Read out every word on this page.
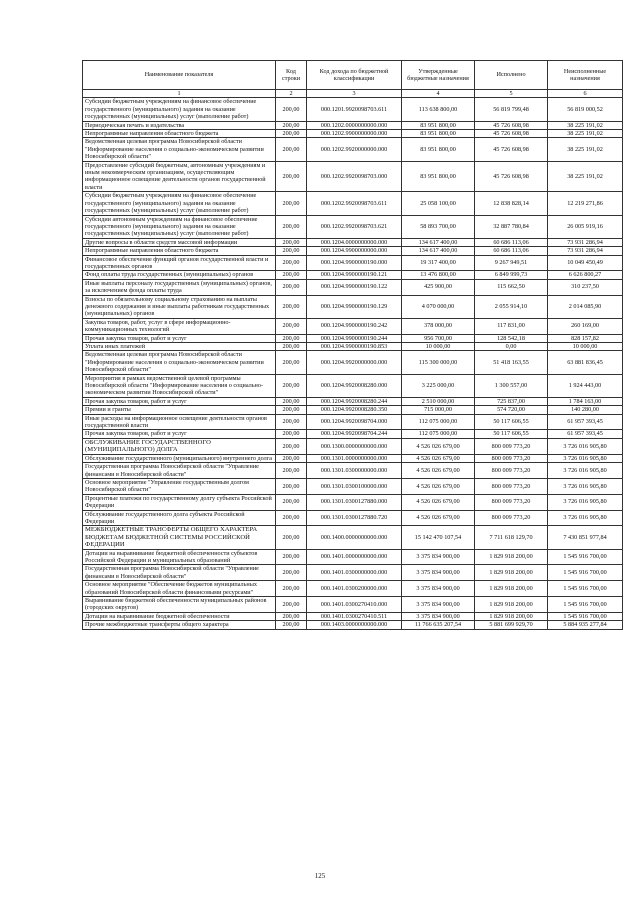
Наименование показателя	Код строки	Код дохода по бюджетной классификации	Утвержденные бюджетные назначения	Исполнено	Неисполненные назначения
1	2	3	4	5	6
Субсидии бюджетным учреждениям на финансовое обеспечение государственного (муниципального) задания на оказание государственных (муниципальных) услуг (выполнение работ)	200,00	000.1201.9920098703.611	113 638 800,00	56 819 799,48	56 819 000,52
Периодическая печать и издательства	200,00	000.1202.0000000000.000	83 951 800,00	45 726 608,98	38 225 191,02
Непрограммные направления областного бюджета	200,00	000.1202.9900000000.000	83 951 800,00	45 726 608,98	38 225 191,02
Ведомственная целевая программа Новосибирской области "Информирование населения о социально-экономическом развитии Новосибирской области"	200,00	000.1202.9920000000.000	83 951 800,00	45 726 608,98	38 225 191,02
Предоставление субсидий бюджетным, автономным учреждениям и иным некоммерческим организациям, осуществляющим информационное освещение деятельности органов государственной власти	200,00	000.1202.9920098703.000	83 951 800,00	45 726 608,98	38 225 191,02
Субсидии бюджетным учреждениям на финансовое обеспечение государственного (муниципального) задания на оказание государственных (муниципальных) услуг (выполнение работ)	200,00	000.1202.9920098703.611	25 058 100,00	12 838 828,14	12 219 271,86
Субсидии автономным учреждениям на финансовое обеспечение государственного (муниципального) задания на оказание государственных (муниципальных) услуг (выполнение работ)	200,00	000.1202.9920098703.621	58 893 700,00	32 887 780,84	26 005 919,16
Другие вопросы в области средств массовой информации	200,00	000.1204.0000000000.000	134 617 400,00	60 686 113,06	73 931 286,94
Непрограммные направления областного бюджета	200,00	000.1204.9900000000.000	134 617 400,00	60 686 113,06	73 931 286,94
Финансовое обеспечение функций органов государственной власти и государственных органов	200,00	000.1204.9900000190.000	19 317 400,00	9 267 949,51	10 049 450,49
Фонд оплаты труда государственных (муниципальных) органов	200,00	000.1204.9900000190.121	13 476 800,00	6 849 999,73	6 626 800,27
Иные выплаты персоналу государственных (муниципальных) органов, за исключением фонда оплаты труда	200,00	000.1204.9900000190.122	425 900,00	115 662,50	310 237,50
Взносы по обязательному социальному страхованию на выплаты денежного содержания и иные выплаты работникам государственных (муниципальных) органов	200,00	000.1204.9900000190.129	4 070 000,00	2 055 914,10	2 014 085,90
Закупка товаров, работ, услуг в сфере информационно-коммуникационных технологий	200,00	000.1204.9900000190.242	378 000,00	117 831,00	260 169,00
Прочая закупка товаров, работ и услуг	200,00	000.1204.9900000190.244	956 700,00	128 542,18	828 157,82
Уплата иных платежей	200,00	000.1204.9900000190.853	10 000,00	0,00	10 000,00
Ведомственная целевая программа Новосибирской области "Информирование населения о социально-экономическом развитии Новосибирской области"	200,00	000.1204.9920000000.000	115 300 000,00	51 418 163,55	63 881 836,45
Мероприятия в рамках ведомственной целевой программы Новосибирской области "Информирование населения о социально-экономическом развитии Новосибирской области"	200,00	000.1204.9920008280.000	3 225 000,00	1 300 557,00	1 924 443,00
Прочая закупка товаров, работ и услуг	200,00	000.1204.9920008280.244	2 510 000,00	725 837,00	1 784 163,00
Премии и гранты	200,00	000.1204.9920008280.350	715 000,00	574 720,00	140 280,00
Иные расходы на информационное освещение деятельности органов государственной власти	200,00	000.1204.9920098704.000	112 075 000,00	50 117 606,55	61 957 393,45
Прочая закупка товаров, работ и услуг	200,00	000.1204.9920098704.244	112 075 000,00	50 117 606,55	61 957 393,45
ОБСЛУЖИВАНИЕ ГОСУДАРСТВЕННОГО (МУНИЦИПАЛЬНОГО) ДОЛГА	200,00	000.1300.0000000000.000	4 526 026 679,00	800 009 773,20	3 726 016 905,80
Обслуживание государственного (муниципального) внутреннего долга	200,00	000.1301.0000000000.000	4 526 026 679,00	800 009 773,20	3 726 016 905,80
Государственная программа Новосибирской области "Управление финансами в Новосибирской области"	200,00	000.1301.0300000000.000	4 526 026 679,00	800 009 773,20	3 726 016 905,80
Основное мероприятие "Управление государственным долгом Новосибирской области"	200,00	000.1301.0300100000.000	4 526 026 679,00	800 009 773,20	3 726 016 905,80
Процентные платежи по государственному долгу субъекта Российской Федерации	200,00	000.1301.0300127880.000	4 526 026 679,00	800 009 773,20	3 726 016 905,80
Обслуживание государственного долга субъекта Российской Федерации	200,00	000.1301.0300127880.720	4 526 026 679,00	800 009 773,20	3 726 016 905,80
МЕЖБЮДЖЕТНЫЕ ТРАНСФЕРТЫ ОБЩЕГО ХАРАКТЕРА БЮДЖЕТАМ БЮДЖЕТНОЙ СИСТЕМЫ РОССИЙСКОЙ ФЕДЕРАЦИИ	200,00	000.1400.0000000000.000	15 142 470 107,54	7 711 618 129,70	7 430 851 977,84
Дотации на выравнивание бюджетной обеспеченности субъектов Российской Федерации и муниципальных образований	200,00	000.1401.0000000000.000	3 375 834 900,00	1 829 918 200,00	1 545 916 700,00
Государственная программа Новосибирской области "Управление финансами в Новосибирской области"	200,00	000.1401.0300000000.000	3 375 834 900,00	1 829 918 200,00	1 545 916 700,00
Основное мероприятие "Обеспечение бюджетов муниципальных образований Новосибирской области финансовыми ресурсами"	200,00	000.1401.0300200000.000	3 375 834 900,00	1 829 918 200,00	1 545 916 700,00
Выравнивание бюджетной обеспеченности муниципальных районов (городских округов)	200,00	000.1401.0300270410.000	3 375 834 900,00	1 829 918 200,00	1 545 916 700,00
Дотации на выравнивание бюджетной обеспеченности	200,00	000.1401.0300270410.511	3 375 834 900,00	1 829 918 200,00	1 545 916 700,00
Прочие межбюджетные трансферты общего характера	200,00	000.1403.0000000000.000	11 766 635 207,54	5 881 699 929,70	5 884 935 277,84
125
